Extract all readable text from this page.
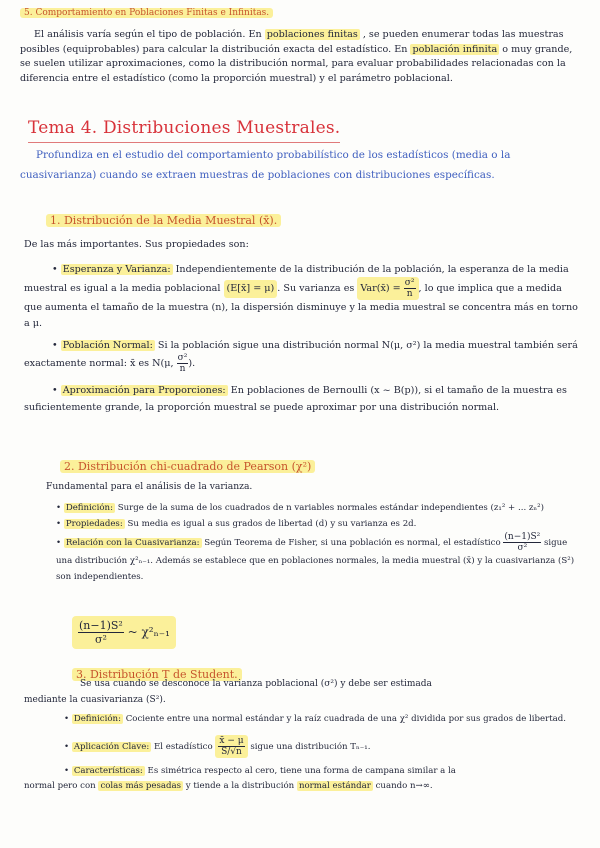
5. Comportamiento en Poblaciones Finitas e Infinitas.
El análisis varía según el tipo de población. En poblaciones finitas , se pueden enumerar todas las muestras posibles (equiprobables) para calcular la distribución exacta del estadístico. En población infinita o muy grande, se suelen utilizar aproximaciones, como la distribución normal, para evaluar probabilidades relacionadas con la diferencia entre el estadístico (como la proporción muestral) y el parámetro poblacional.
Tema 4. Distribuciones Muestrales.
Profundiza en el estudio del comportamiento probabilístico de los estadísticos (media o la cuasivarianza) cuando se extraen muestras de poblaciones con distribuciones específicas.
1. Distribución de la Media Muestral (x̄).
De las más importantes. Sus propiedades son:
• Esperanza y Varianza: Independientemente de la distribución de la población, la esperanza de la media muestral es igual a la media poblacional (E[x̄] = μ) . Su varianza es Var(x̄) = $\frac{\text{σ²}}{n}$ , lo que implica que a medida que aumenta el tamaño de la muestra (n), la dispersión disminuye y la media muestral se concentra más en torno a μ.
• Población Normal: Si la población sigue una distribución normal N(μ, σ²) la media muestral también será exactamente normal: x̄ es N(μ, $\frac{\text{σ²}}{n}$ ).
• Aproximación para Proporciones: En poblaciones de Bernoulli (x ~ B(p)), si el tamaño de la muestra es suficientemente grande, la proporción muestral se puede aproximar por una distribución normal.
2. Distribución chi-cuadrado de Pearson (χ²)
Fundamental para el análisis de la varianza.
• Definición: Surge de la suma de los cuadrados de n variables normales estándar independientes (z₁² + ... zₙ²)
• Propiedades: Su media es igual a sus grados de libertad (d) y su varianza es 2d.
• Relación con la Cuasivarianza: Según Teorema de Fisher, si una población es normal, el estadístico $\frac{\text{(n−1)S²}}{\text{σ²}}$ sigue una distribución χ²ₙ₋₁. Además se establece que en poblaciones normales, la media muestral (x̄) y la cuasivarianza (S²) son independientes.
$\frac{\text{(n−1)S²}}{\text{σ²}}$ ~ χ²ₙ₋₁
3. Distribución T de Student.
Se usa cuando se desconoce la varianza poblacional (σ²) y debe ser estimada
mediante la cuasivarianza (S²).
• Definición: Cociente entre una normal estándar y la raíz cuadrada de una χ² dividida por sus grados de libertad.
• Aplicación Clave: El estadístico $\frac{x̄ - \mu}{S/√n}$ sigue una distribución Tₙ₋₁.
• Características: Es simétrica respecto al cero, tiene una forma de campana similar a la
normal pero con colas más pesadas y tiende a la distribución normal estándar cuando n→∞.
